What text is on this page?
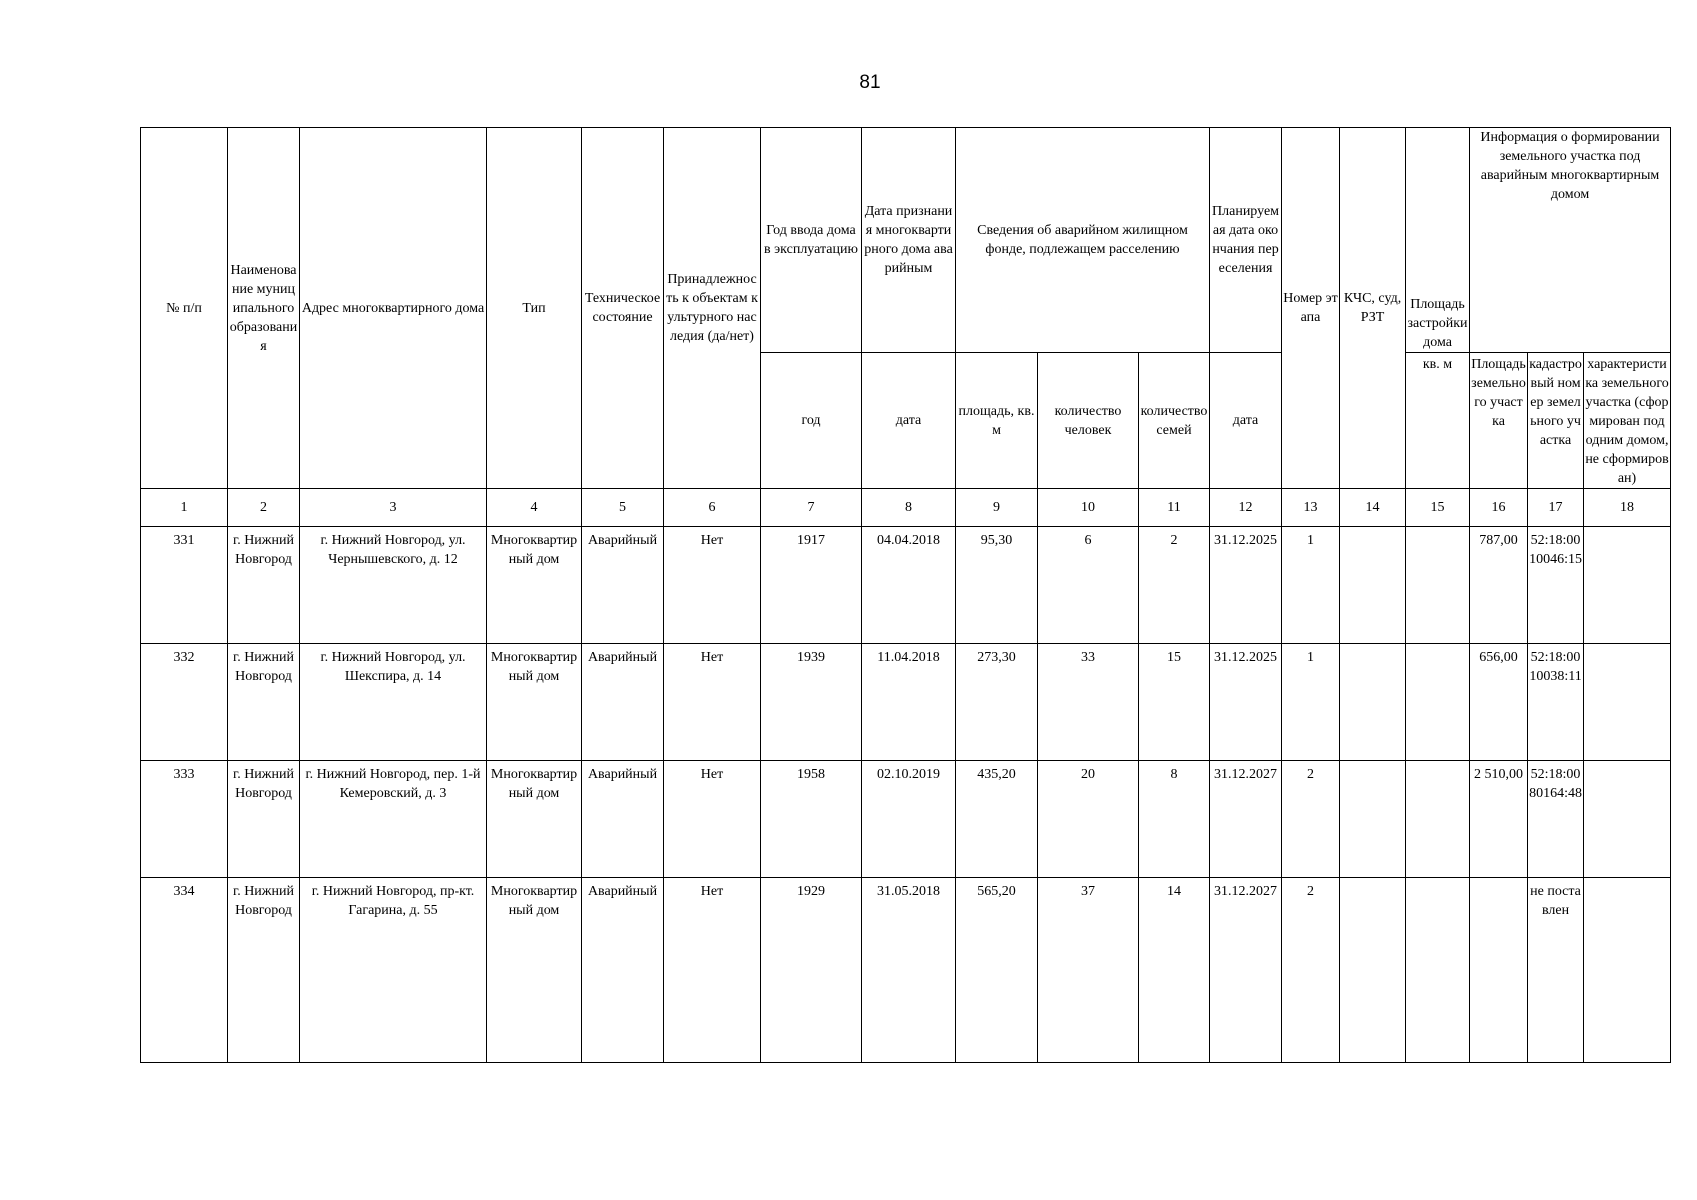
81
№ п/п	Наименование муниципального образования	Адрес многоквартирного дома	Тип	Техническое состояние	Принадлежность к объектам культурного наследия (да/нет)	Год ввода дома в эксплуатацию	Дата признания многоквартирного дома аварийным	Сведения об аварийном жилищном фонде, подлежащем расселению			Планируемая дата окончания переселения	Номер этапа	КЧС, суд, РЗТ	Площадь застройки дома	Информация о формировании земельного участка под аварийным многоквартирным домом		
						год	дата	площадь, кв.м	количество человек	количество семей	дата			кв. м	Площадь земельного участка	кадастровый номер земельного участка	характеристика земельного участка (сформирован под одним домом, не сформирован)
1	2	3	4	5	6	7	8	9	10	11	12	13	14	15	16	17	18
331	г. Нижний Новгород	г. Нижний Новгород, ул. Чернышевского, д. 12	Многоквартирный дом	Аварийный	Нет	1917	04.04.2018	95,30	6	2	31.12.2025	1			787,00	52:18:0010046:15	
332	г. Нижний Новгород	г. Нижний Новгород, ул. Шекспира, д. 14	Многоквартирный дом	Аварийный	Нет	1939	11.04.2018	273,30	33	15	31.12.2025	1			656,00	52:18:0010038:11	
333	г. Нижний Новгород	г. Нижний Новгород, пер. 1-й Кемеровский, д. 3	Многоквартирный дом	Аварийный	Нет	1958	02.10.2019	435,20	20	8	31.12.2027	2			2 510,00	52:18:0080164:48	
334	г. Нижний Новгород	г. Нижний Новгород, пр-кт. Гагарина, д. 55	Многоквартирный дом	Аварийный	Нет	1929	31.05.2018	565,20	37	14	31.12.2027	2				не поставлен	
